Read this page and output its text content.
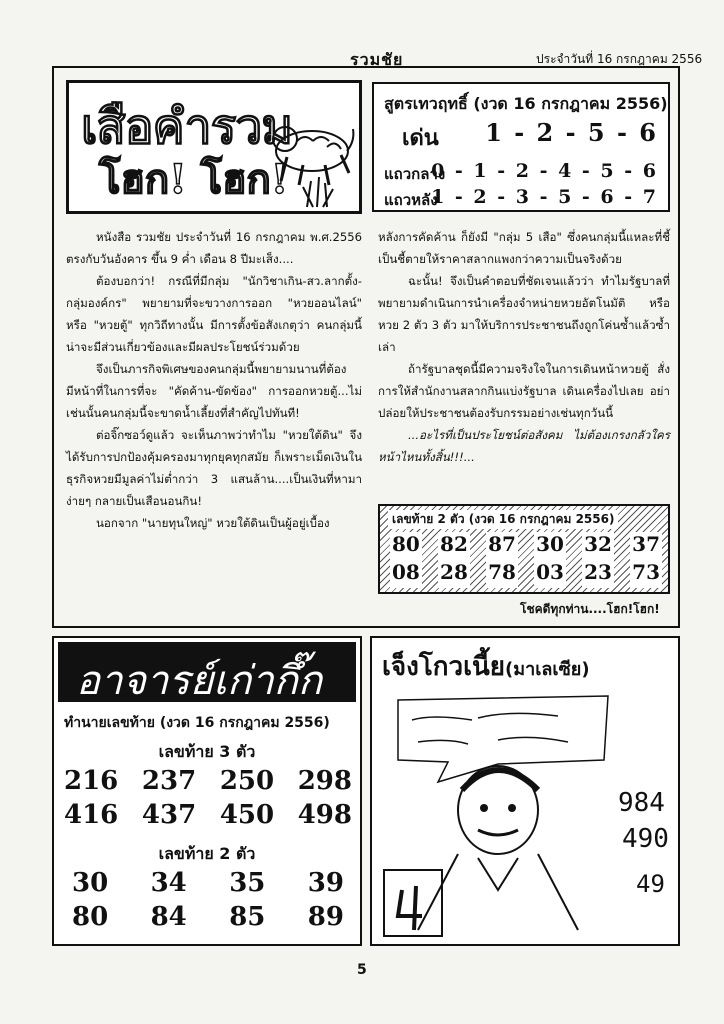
รวมชัย	ประจำวันที่ 16 กรกฎาคม 2556
เสือคำรวม
โฮก! โฮก!
สูตรเทวฤทธิ์ (งวด 16 กรกฎาคม 2556)
เด่น 1 - 2 - 5 - 6
แถวกลาง
0 - 1 - 2 - 4 - 5 - 6
แถวหลัง
1 - 2 - 3 - 5 - 6 - 7

หนังสือ รวมชัย ประจำวันที่ 16 กรกฎาคม พ.ศ.2556 ตรงกับวันอังคาร ขึ้น 9 ค่ำ เดือน 8 ปีมะเส็ง....

ต้องบอกว่า! กรณีที่มีกลุ่ม "นักวิชาเกิน-สว.ลากตั้ง-กลุ่มองค์กร" พยายามที่จะขวางการออก "หวยออนไลน์" หรือ "หวยตู้" ทุกวิถีทางนั้น มีการตั้งข้อสังเกตุว่า คนกลุ่มนี้น่าจะมีส่วนเกี่ยวข้องและมีผลประโยชน์ร่วมด้วย

จึงเป็นภารกิจพิเศษของคนกลุ่มนี้พยายามนานที่ต้องมีหน้าที่ในการที่จะ "คัดค้าน-ขัดข้อง" การออกหวยตู้...ไม่เช่นนั้นคนกลุ่มนี้จะขาดน้ำเลี้ยงที่สำคัญไปทันที!

ต่อจิ๊กซอว์ดูแล้ว จะเห็นภาพว่าทำไม "หวยใต้ดิน" จึงได้รับการปกป้องคุ้มครองมาทุกยุคทุกสมัย ก็เพราะเม็ดเงินในธุรกิจหวยมีมูลค่าไม่ต่ำกว่า 3 แสนล้าน....เป็นเงินที่หามาง่ายๆ กลายเป็นเสือนอนกิน!

นอกจาก "นายทุนใหญ่" หวยใต้ดินเป็นผู้อยู่เบื้อง

หลังการคัดค้าน ก็ยังมี "กลุ่ม 5 เสือ" ซึ่งคนกลุ่มนี้แหละที่ชี้เป็นชี้ตายให้ราคาสลากแพงกว่าความเป็นจริงด้วย

ฉะนั้น! จึงเป็นคำตอบที่ชัดเจนแล้วว่า ทำไมรัฐบาลที่พยายามดำเนินการนำเครื่องจำหน่ายหวยอัตโนมัติ หรือ หวย 2 ตัว 3 ตัว มาให้บริการประชาชนถึงถูกโค่นซ้ำแล้วซ้ำเล่า

ถ้ารัฐบาลชุดนี้มีความจริงใจในการเดินหน้าหวยตู้ สั่งการให้สำนักงานสลากกินแบ่งรัฐบาล เดินเครื่องไปเลย อย่าปล่อยให้ประชาชนต้องรับกรรมอย่างเช่นทุกวันนี้

...อะไรที่เป็นประโยชน์ต่อสังคม ไม่ต้องเกรงกลัวใครหน้าไหนทั้งสิ้น!!!...

เลขท้าย 2 ตัว (งวด 16 กรกฎาคม 2556)
80 82 87 30 32 37
08 28 78 03 23 73
โชคดีทุกท่าน....โฮก!โฮก!
อาจารย์เก่ากึ๊ก
ทำนายเลขท้าย (งวด 16 กรกฎาคม 2556)
เลขท้าย 3 ตัว
216 237 250 298
416 437 450 498
เลขท้าย 2 ตัว
30 34 35 39
80 84 85 89
เจ็งโกวเนี้ย(มาเลเซีย)
984
490
49
5
